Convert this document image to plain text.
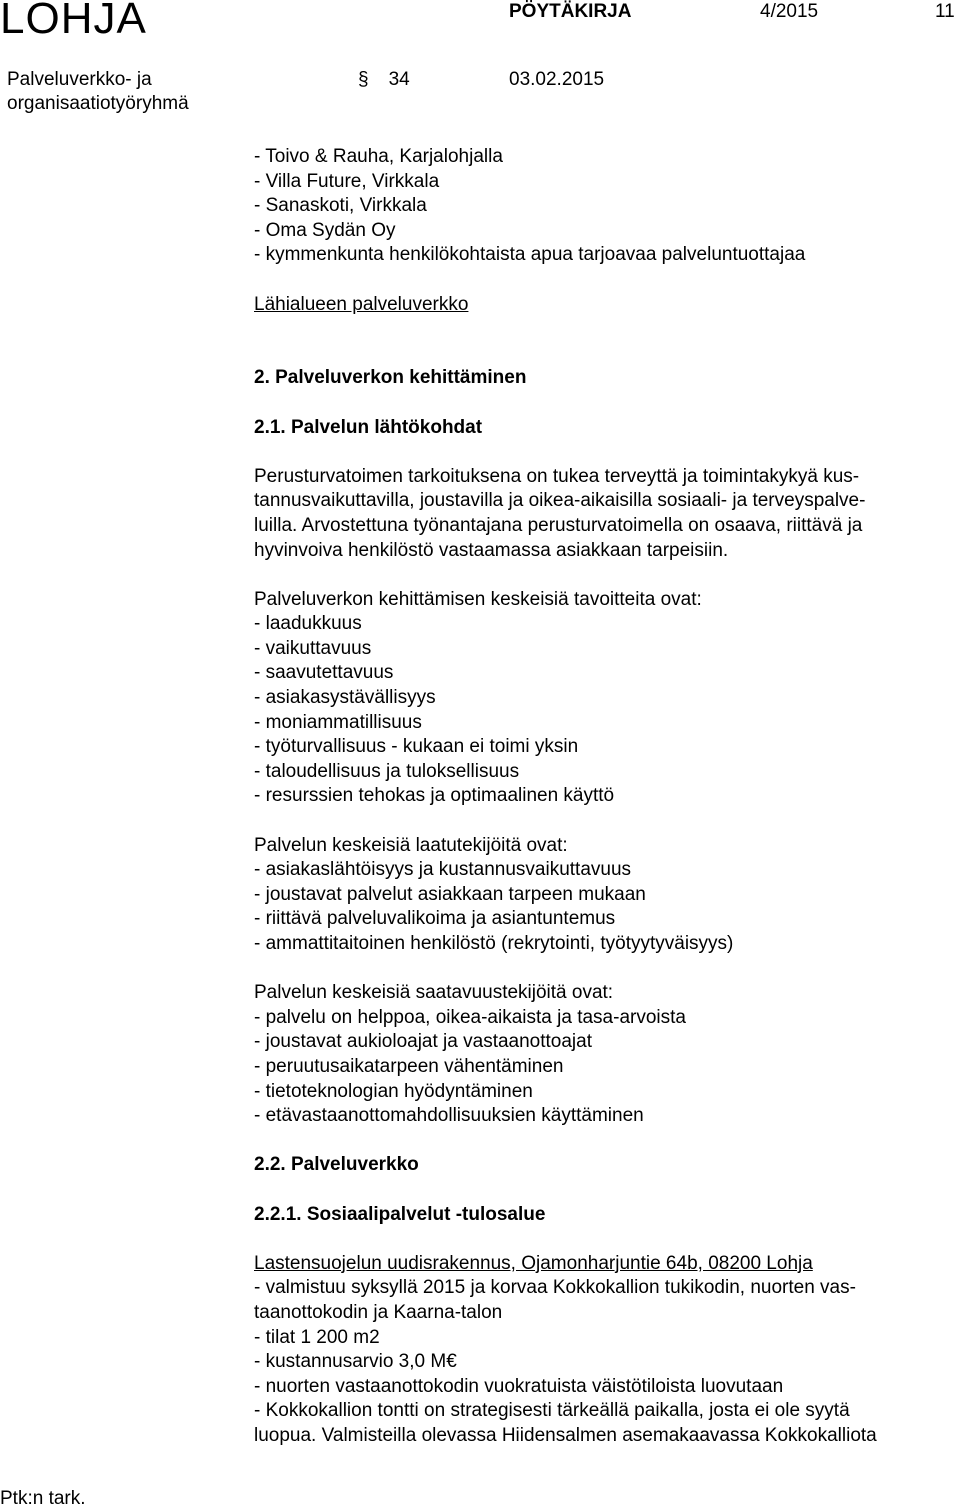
LOHJA	PÖYTÄKIRJA	4/2015	11
Palveluverkko- ja organisaatiotyöryhmä
§ 34	03.02.2015
- Toivo & Rauha, Karjalohjalla
- Villa Future, Virkkala
- Sanaskoti, Virkkala
- Oma Sydän Oy
- kymmenkunta henkilökohtaista apua tarjoavaa palveluntuottajaa
Lähialueen palveluverkko
2. Palveluverkon kehittäminen
2.1. Palvelun lähtökohdat
Perusturvatoimen tarkoituksena on tukea terveyttä ja toimintakykyä kus-
tannusvaikuttavilla, joustavilla ja oikea-aikaisilla sosiaali- ja terveyspalve-
luilla. Arvostettuna työnantajana perusturvatoimella on osaava, riittävä ja
hyvinvoiva henkilöstö vastaamassa asiakkaan tarpeisiin.
Palveluverkon kehittämisen keskeisiä tavoitteita ovat:
- laadukkuus
- vaikuttavuus
- saavutettavuus
- asiakasystävällisyys
- moniammatillisuus
- työturvallisuus - kukaan ei toimi yksin
- taloudellisuus ja tuloksellisuus
- resurssien tehokas ja optimaalinen käyttö
Palvelun keskeisiä laatutekijöitä ovat:
- asiakaslähtöisyys ja kustannusvaikuttavuus
- joustavat palvelut asiakkaan tarpeen mukaan
- riittävä palveluvalikoima ja asiantuntemus
- ammattitaitoinen henkilöstö (rekrytointi, työtyytyväisyys)
Palvelun keskeisiä saatavuustekijöitä ovat:
- palvelu on helppoa, oikea-aikaista ja tasa-arvoista
- joustavat aukioloajat ja vastaanottoajat
- peruutusaikatarpeen vähentäminen
- tietoteknologian hyödyntäminen
- etävastaanottomahdollisuuksien käyttäminen
2.2. Palveluverkko
2.2.1. Sosiaalipalvelut -tulosalue
Lastensuojelun uudisrakennus, Ojamonharjuntie 64b, 08200 Lohja
- valmistuu syksyllä 2015 ja korvaa Kokkokallion tukikodin, nuorten vas-
taanottokodin ja Kaarna-talon
- tilat 1 200 m2
- kustannusarvio 3,0 M€
- nuorten vastaanottokodin vuokratuista väistötiloista luovutaan
- Kokkokallion tontti on strategisesti tärkeällä paikalla, josta ei ole syytä
luopua. Valmisteilla olevassa Hiidensalmen asemakaavassa Kokkokalliota
Ptk:n tark.
